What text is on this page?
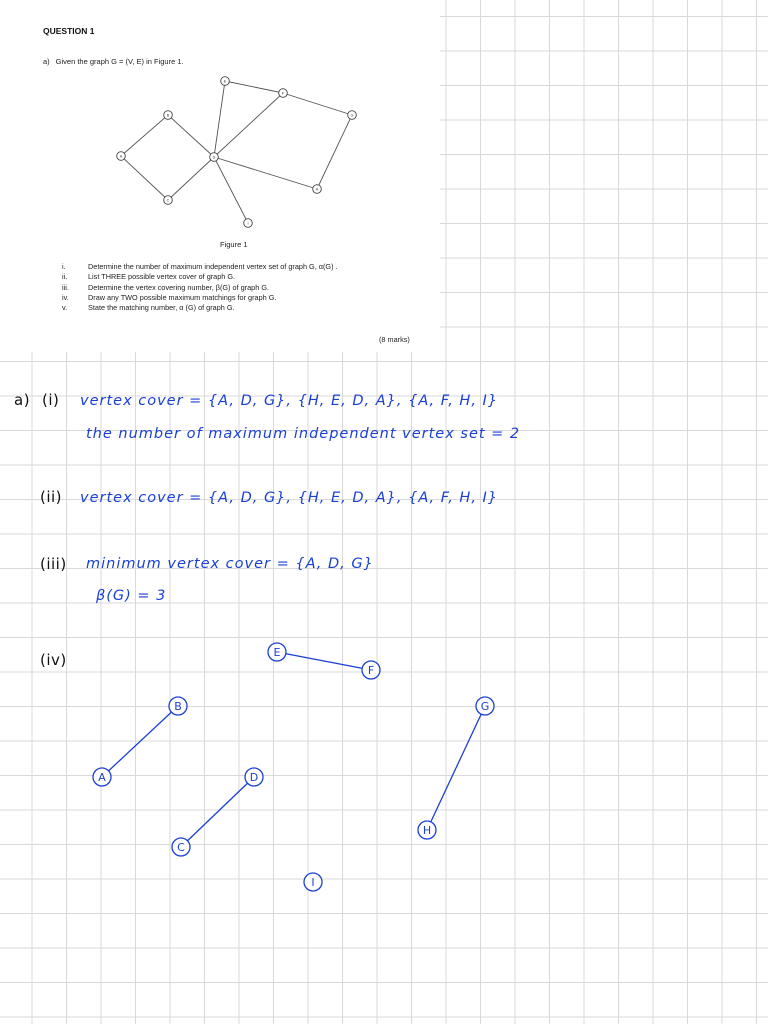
QUESTION 1
a) Given the graph G = (V, E) in Figure 1.
A
B
C
D
E
F
G
H
I
Figure 1
i.	Determine the number of maximum independent vertex set of graph G, α(G) .
ii.	List THREE possible vertex cover of graph G.
iii.	Determine the vertex covering number, β(G) of graph G.
iv.	Draw any TWO possible maximum matchings for graph G.
v.	State the matching number, α (G) of graph G.
(8 marks)
a) (i) vertex cover = {A, D, G}, {H, E, D, A}, {A, F, H, I}
the number of maximum independent vertex set = 2
(ii) vertex cover = {A, D, G}, {H, E, D, A}, {A, F, H, I}
(iii) minimum vertex cover = {A, D, G}
β(G) = 3
(iv)
A
B
C
D
E
F
G
H
I
